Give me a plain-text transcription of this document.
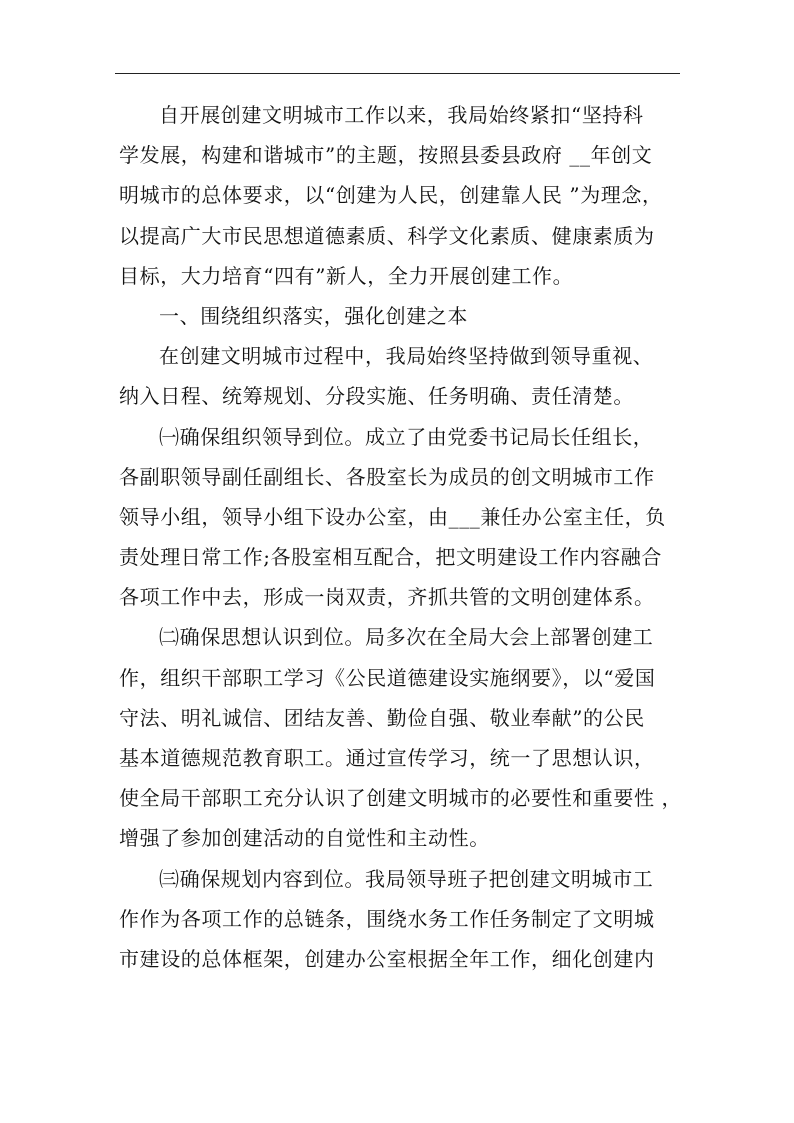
自开展创建文明城市工作以来，我局始终紧扣“坚持科
学发展，构建和谐城市”的主题，按照县委县政府 __年创文
明城市的总体要求，以“创建为人民，创建靠人民 ”为理念，
以提高广大市民思想道德素质、科学文化素质、健康素质为
目标，大力培育“四有”新人，全力开展创建工作。
一、围绕组织落实，强化创建之本
在创建文明城市过程中，我局始终坚持做到领导重视、
纳入日程、统筹规划、分段实施、任务明确、责任清楚。
㈠确保组织领导到位。成立了由党委书记局长任组长，
各副职领导副任副组长、各股室长为成员的创文明城市工作
领导小组，领导小组下设办公室，由___兼任办公室主任，负
责处理日常工作;各股室相互配合，把文明建设工作内容融合
各项工作中去，形成一岗双责，齐抓共管的文明创建体系。
㈡确保思想认识到位。局多次在全局大会上部署创建工
作，组织干部职工学习《公民道德建设实施纲要》，以“爱国
守法、明礼诚信、团结友善、勤俭自强、敬业奉献”的公民
基本道德规范教育职工。通过宣传学习，统一了思想认识，
使全局干部职工充分认识了创建文明城市的必要性和重要性 ，
增强了参加创建活动的自觉性和主动性。
㈢确保规划内容到位。我局领导班子把创建文明城市工
作作为各项工作的总链条，围绕水务工作任务制定了文明城
市建设的总体框架，创建办公室根据全年工作，细化创建内
